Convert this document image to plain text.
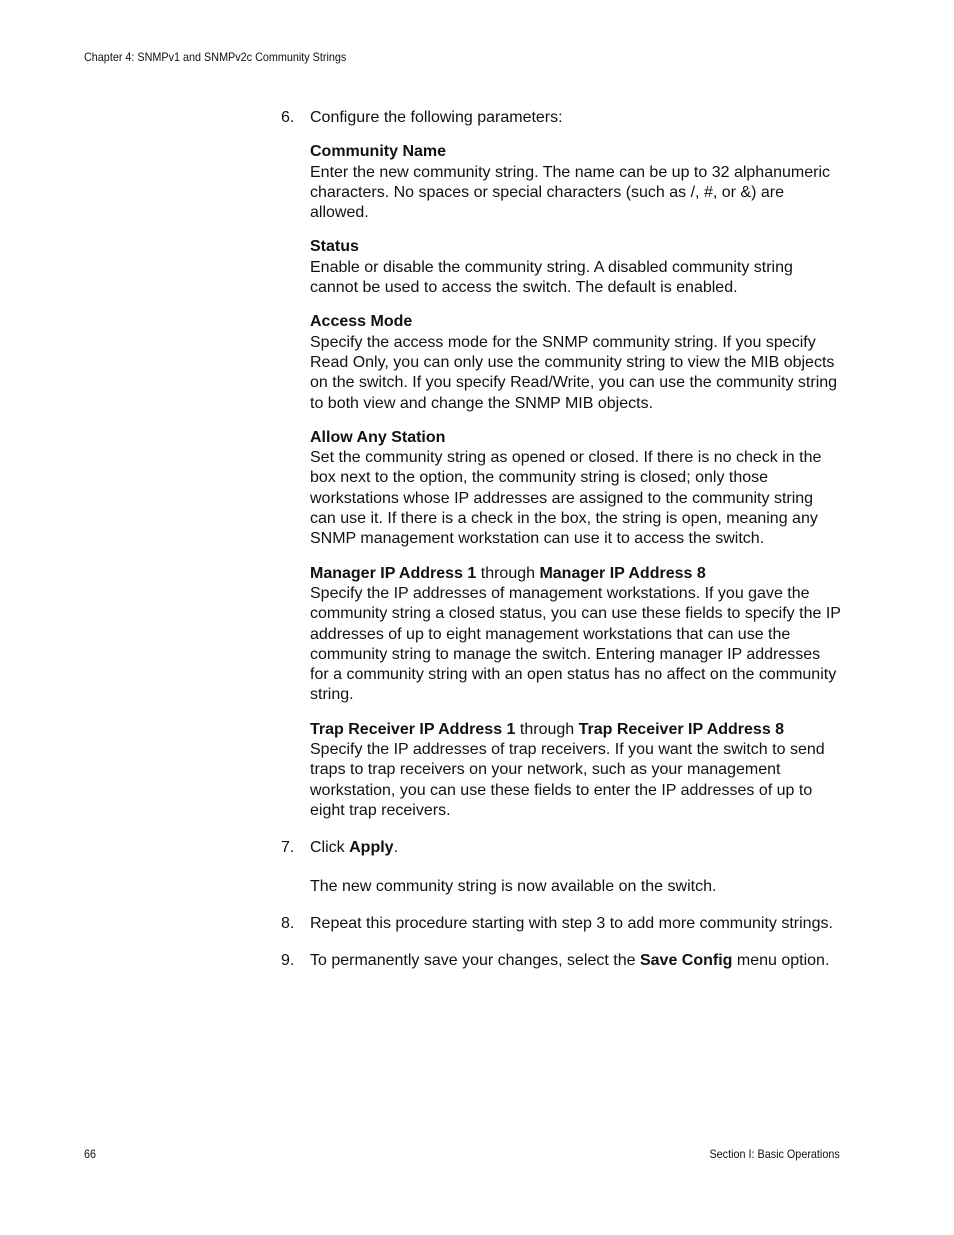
Chapter 4: SNMPv1 and SNMPv2c Community Strings
6. Configure the following parameters:

Community Name

Enter the new community string. The name can be up to 32 alphanumeric characters. No spaces or special characters (such as /, #, or &) are allowed.

Status

Enable or disable the community string. A disabled community string cannot be used to access the switch. The default is enabled.

Access Mode

Specify the access mode for the SNMP community string. If you specify Read Only, you can only use the community string to view the MIB objects on the switch. If you specify Read/Write, you can use the community string to both view and change the SNMP MIB objects.

Allow Any Station

Set the community string as opened or closed. If there is no check in the box next to the option, the community string is closed; only those workstations whose IP addresses are assigned to the community string can use it. If there is a check in the box, the string is open, meaning any SNMP management workstation can use it to access the switch.

Manager IP Address 1 through Manager IP Address 8

Specify the IP addresses of management workstations. If you gave the community string a closed status, you can use these fields to specify the IP addresses of up to eight management workstations that can use the community string to manage the switch. Entering manager IP addresses for a community string with an open status has no affect on the community string.

Trap Receiver IP Address 1 through Trap Receiver IP Address 8

Specify the IP addresses of trap receivers. If you want the switch to send traps to trap receivers on your network, such as your management workstation, you can use these fields to enter the IP addresses of up to eight trap receivers.

7. Click Apply.

The new community string is now available on the switch.

8. Repeat this procedure starting with step 3 to add more community strings.

9. To permanently save your changes, select the Save Config menu option.

66	Section I: Basic Operations
